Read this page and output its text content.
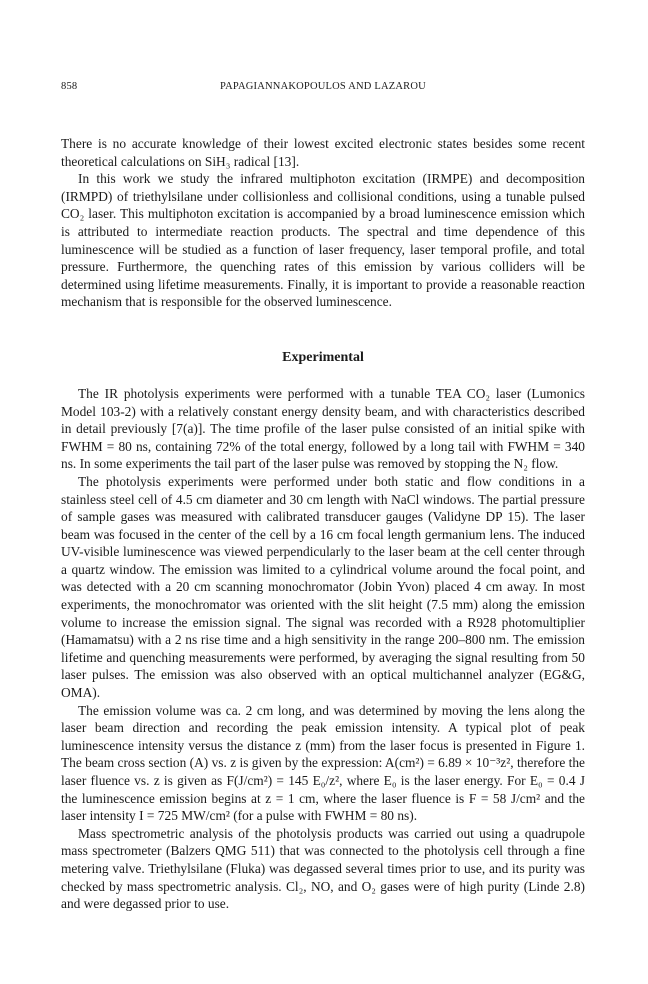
858	PAPAGIANNAKOPOULOS AND LAZAROU

There is no accurate knowledge of their lowest excited electronic states besides some recent theoretical calculations on SiH₃ radical [13].

In this work we study the infrared multiphoton excitation (IRMPE) and decomposition (IRMPD) of triethylsilane under collisionless and collisional conditions, using a tunable pulsed CO₂ laser. This multiphoton excitation is accompanied by a broad luminescence emission which is attributed to intermediate reaction products. The spectral and time dependence of this luminescence will be studied as a function of laser frequency, laser temporal profile, and total pressure. Furthermore, the quenching rates of this emission by various colliders will be determined using lifetime measurements. Finally, it is important to provide a reasonable reaction mechanism that is responsible for the observed luminescence.

Experimental

The IR photolysis experiments were performed with a tunable TEA CO₂ laser (Lumonics Model 103-2) with a relatively constant energy density beam, and with characteristics described in detail previously [7(a)]. The time profile of the laser pulse consisted of an initial spike with FWHM = 80 ns, containing 72% of the total energy, followed by a long tail with FWHM = 340 ns. In some experiments the tail part of the laser pulse was removed by stopping the N₂ flow.

The photolysis experiments were performed under both static and flow conditions in a stainless steel cell of 4.5 cm diameter and 30 cm length with NaCl windows. The partial pressure of sample gases was measured with calibrated transducer gauges (Validyne DP 15). The laser beam was focused in the center of the cell by a 16 cm focal length germanium lens. The induced UV-visible luminescence was viewed perpendicularly to the laser beam at the cell center through a quartz window. The emission was limited to a cylindrical volume around the focal point, and was detected with a 20 cm scanning monochromator (Jobin Yvon) placed 4 cm away. In most experiments, the monochromator was oriented with the slit height (7.5 mm) along the emission volume to increase the emission signal. The signal was recorded with a R928 photomultiplier (Hamamatsu) with a 2 ns rise time and a high sensitivity in the range 200–800 nm. The emission lifetime and quenching measurements were performed, by averaging the signal resulting from 50 laser pulses. The emission was also observed with an optical multichannel analyzer (EG&G, OMA).

The emission volume was ca. 2 cm long, and was determined by moving the lens along the laser beam direction and recording the peak emission intensity. A typical plot of peak luminescence intensity versus the distance z (mm) from the laser focus is presented in Figure 1. The beam cross section (A) vs. z is given by the expression: A(cm²) = 6.89 × 10⁻³z², therefore the laser fluence vs. z is given as F(J/cm²) = 145 E₀/z², where E₀ is the laser energy. For E₀ = 0.4 J the luminescence emission begins at z = 1 cm, where the laser fluence is F = 58 J/cm² and the laser intensity I = 725 MW/cm² (for a pulse with FWHM = 80 ns).

Mass spectrometric analysis of the photolysis products was carried out using a quadrupole mass spectrometer (Balzers QMG 511) that was connected to the photolysis cell through a fine metering valve. Triethylsilane (Fluka) was degassed several times prior to use, and its purity was checked by mass spectrometric analysis. Cl₂, NO, and O₂ gases were of high purity (Linde 2.8) and were degassed prior to use.
